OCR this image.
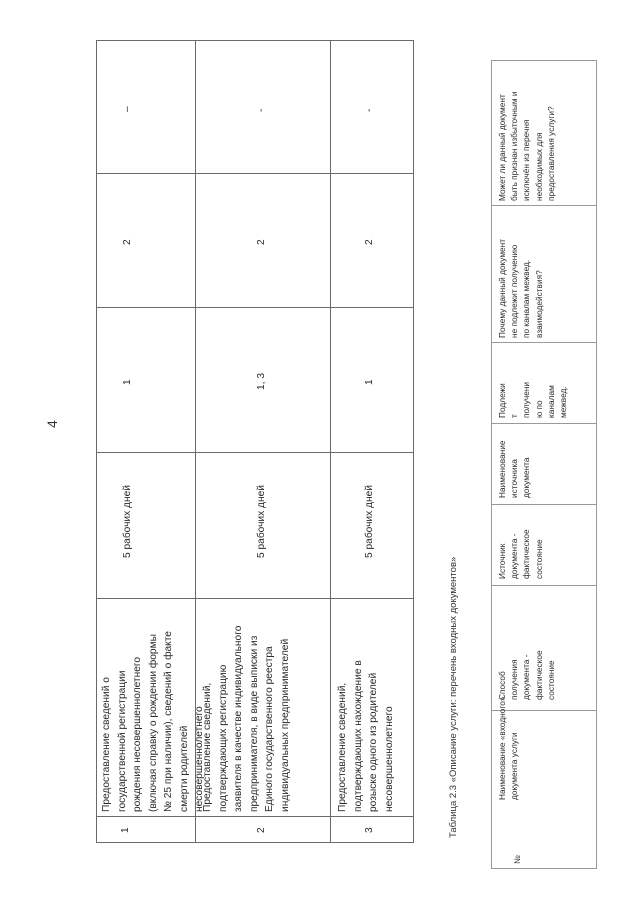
4
1
Предоставление сведений о государственной регистрации рождения несовершеннолетнего (включая справку о рождении формы № 25 при наличии), сведений о факте смерти родителей несовершеннолетнего
5 рабочих дней
1
2
–
2
Предоставление сведений, подтверждающих регистрацию заявителя в качестве индивидуального предпринимателя, в виде выписки из Единого государственного реестра индивидуальных предпринимателей
5 рабочих дней
1, 3
2
-
3
Предоставление сведений, подтверждающих нахождение в розыске одного из родителей несовершеннолетнего
5 рабочих дней
1
2
-
Таблица 2.3 «Описание услуги: перечень входных документов»
№
Наименование «входного» документа услуги
Способ получения документа - фактическое состояние
Источник документа - фактическое состояние
Наименование источника документа
Подлежи т получени ю по каналам межвед.
Почему данный документ не подлежит получению по каналам межвед. взаимодействия?
Может ли данный документ быть признан избыточным и исключён из перечня необходимых для предоставления услуги?
